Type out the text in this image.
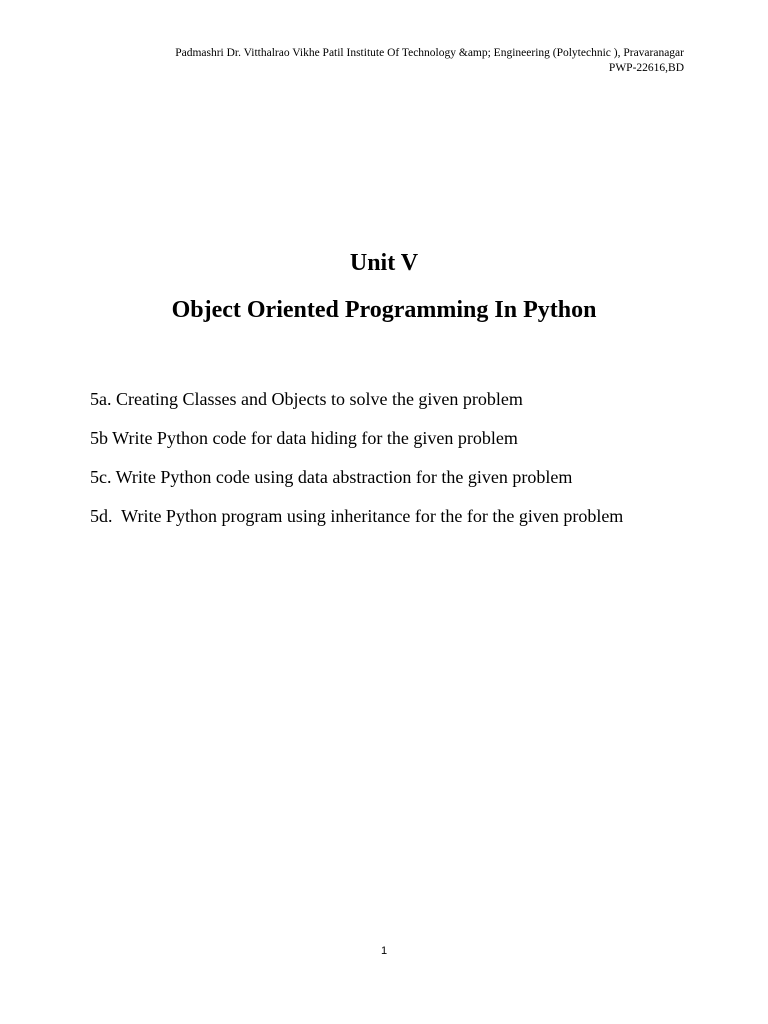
Padmashri Dr. Vitthalrao Vikhe Patil Institute Of Technology &amp; Engineering (Polytechnic ), Pravaranagar
PWP-22616,BD
Unit V
Object Oriented Programming In Python
5a. Creating Classes and Objects to solve the given problem
5b Write Python code for data hiding for the given problem
5c. Write Python code using data abstraction for the given problem
5d.  Write Python program using inheritance for the for the given problem
1
